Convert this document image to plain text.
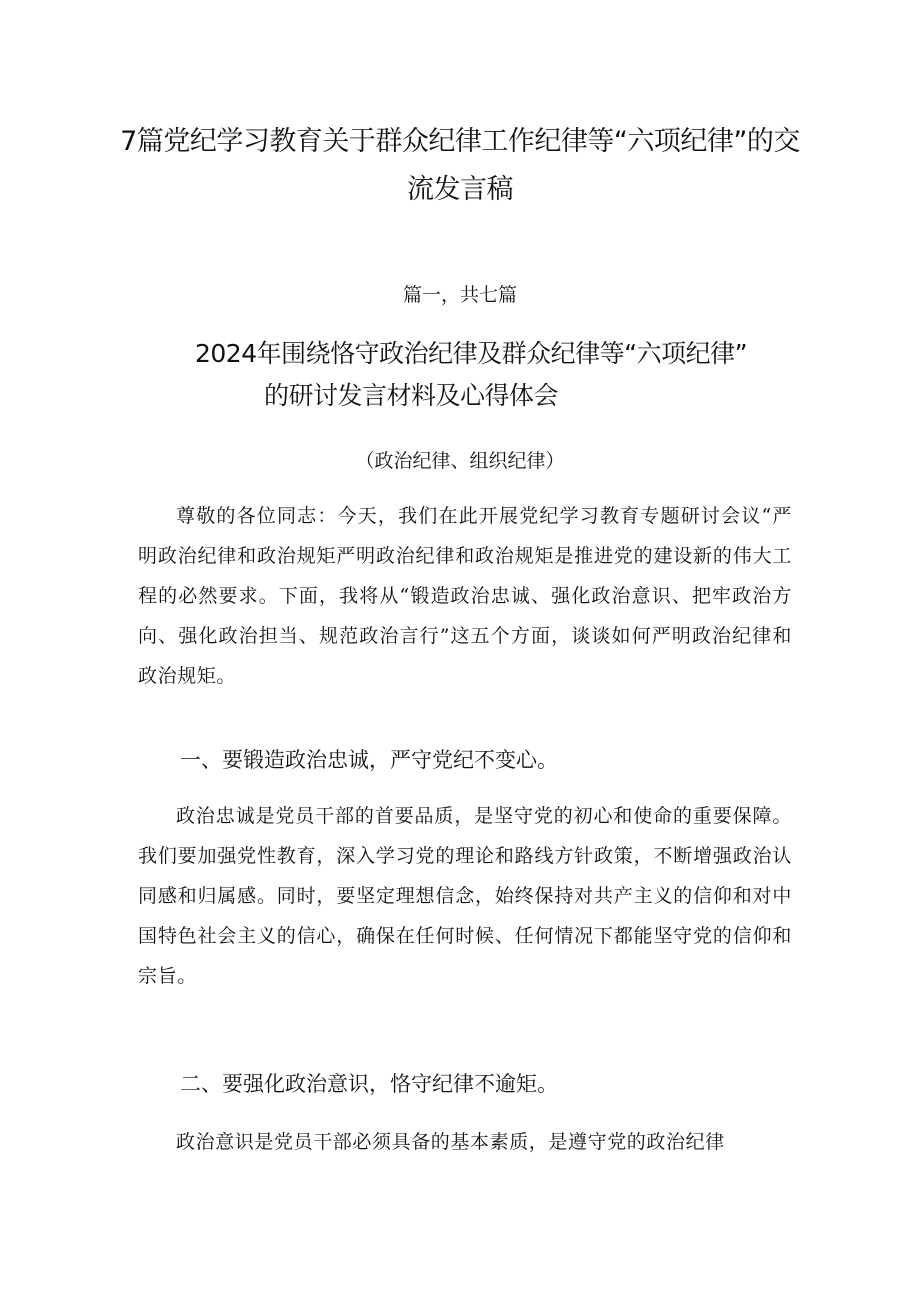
7篇党纪学习教育关于群众纪律工作纪律等“六项纪律”的交流发言稿

篇一，共七篇

2024年围绕恪守政治纪律及群众纪律等“六项纪律”
的研讨发言材料及心得体会

（政治纪律、组织纪律）

尊敬的各位同志：今天，我们在此开展党纪学习教育专题研讨会议“严明政治纪律和政治规矩严明政治纪律和政治规矩是推进党的建设新的伟大工程的必然要求。下面，我将从“锻造政治忠诚、强化政治意识、把牢政治方向、强化政治担当、规范政治言行”这五个方面，谈谈如何严明政治纪律和政治规矩。

一、要锻造政治忠诚，严守党纪不变心。

政治忠诚是党员干部的首要品质，是坚守党的初心和使命的重要保障。我们要加强党性教育，深入学习党的理论和路线方针政策，不断增强政治认同感和归属感。同时，要坚定理想信念，始终保持对共产主义的信仰和对中国特色社会主义的信心，确保在任何时候、任何情况下都能坚守党的信仰和宗旨。

二、要强化政治意识，恪守纪律不逾矩。

政治意识是党员干部必须具备的基本素质，是遵守党的政治纪律
